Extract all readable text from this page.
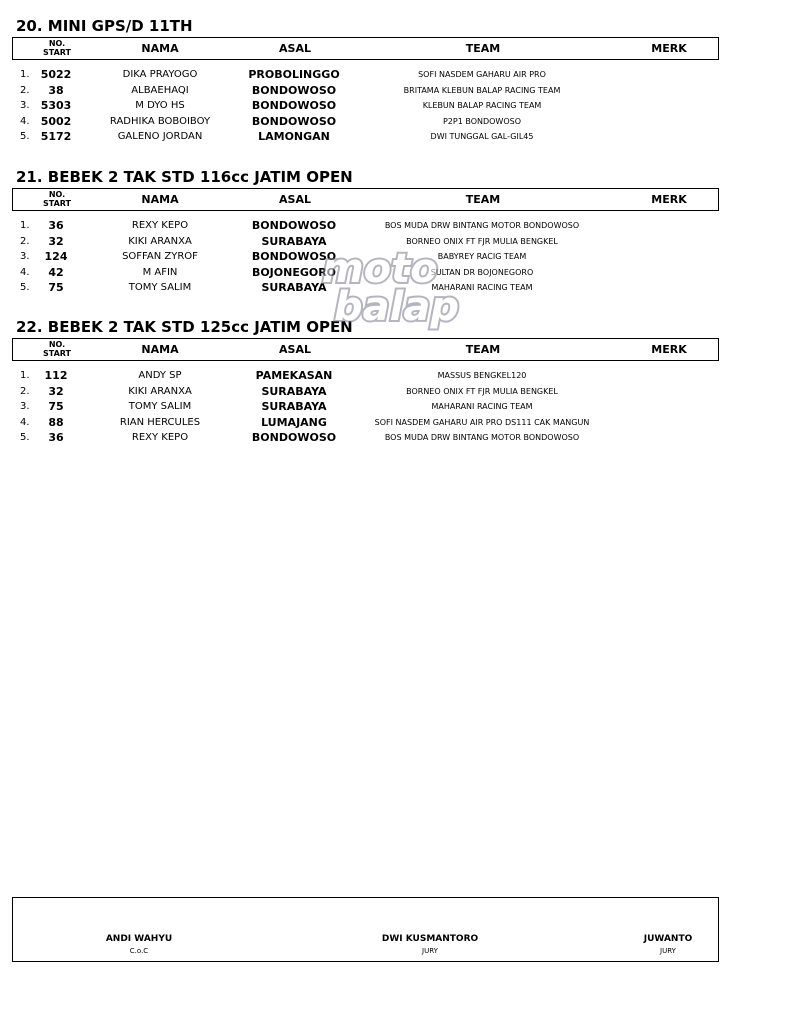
20. MINI GPS/D 11TH
NO.
START	NAMA	ASAL	TEAM	MERK
1.	5022	DIKA PRAYOGO	PROBOLINGGO	SOFI NASDEM GAHARU AIR PRO
2.	38	ALBAEHAQI	BONDOWOSO	BRITAMA KLEBUN BALAP RACING TEAM
3.	5303	M DYO HS	BONDOWOSO	KLEBUN BALAP RACING TEAM
4.	5002	RADHIKA BOBOIBOY	BONDOWOSO	P2P1 BONDOWOSO
5.	5172	GALENO JORDAN	LAMONGAN	DWI TUNGGAL GAL-GIL45
21. BEBEK 2 TAK STD 116cc JATIM OPEN
NO.
START	NAMA	ASAL	TEAM	MERK
1.	36	REXY KEPO	BONDOWOSO	BOS MUDA DRW BINTANG MOTOR BONDOWOSO
2.	32	KIKI ARANXA	SURABAYA	BORNEO ONIX FT FJR MULIA BENGKEL
3.	124	SOFFAN ZYROF	BONDOWOSO	BABYREY RACIG TEAM
4.	42	M AFIN	BOJONEGORO	SULTAN DR BOJONEGORO
5.	75	TOMY SALIM	SURABAYA	MAHARANI RACING TEAM
22. BEBEK 2 TAK STD 125cc JATIM OPEN
NO.
START	NAMA	ASAL	TEAM	MERK
1.	112	ANDY SP	PAMEKASAN	MASSUS BENGKEL120
2.	32	KIKI ARANXA	SURABAYA	BORNEO ONIX FT FJR MULIA BENGKEL
3.	75	TOMY SALIM	SURABAYA	MAHARANI RACING TEAM
4.	88	RIAN HERCULES	LUMAJANG	SOFI NASDEM GAHARU AIR PRO DS111 CAK MANGUN
5.	36	REXY KEPO	BONDOWOSO	BOS MUDA DRW BINTANG MOTOR BONDOWOSO
moto
balap
ANDI WAHYU
C.o.C
DWI KUSMANTORO
JURY
JUWANTO
JURY
